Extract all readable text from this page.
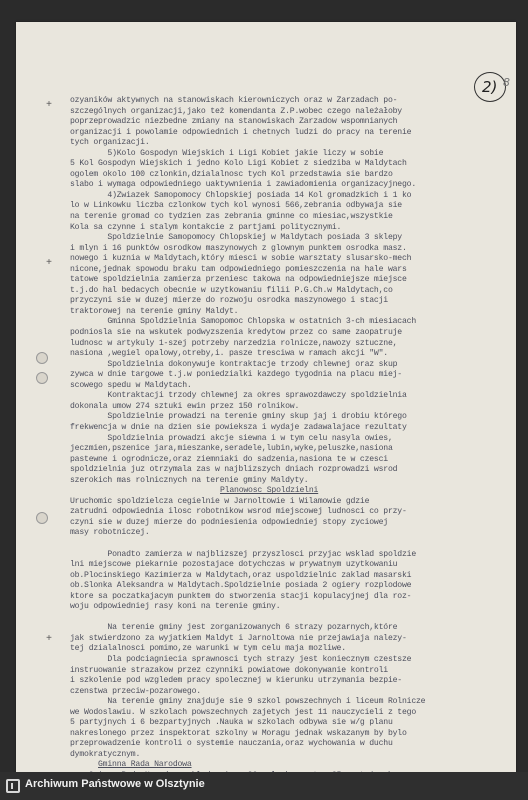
2) 8
+
+
+
ozyaników aktywnych na stanowiskach kierowniczych oraz w Zarzadach po-
szczególnych organizacji,jako też komendanta Z.P.wobec czego należałoby
poprzeprowadzic niezbedne zmiany na stanowiskach Zarzadow wspomnianych
organizacji i powolamie odpowiednich i chetnych ludzi do pracy na terenie
tych organizacji.
5)Kolo Gospodyn Wiejskich i Ligi Kobiet jakie liczy w sobie
5 Kol Gospodyn Wiejskich i jedno Kolo Ligi Kobiet z siedziba w Maldytach
ogolem okolo 100 czlonkin,dzialalnosc tych Kol przedstawia sie bardzo
slabo i wymaga odpowiedniego uaktywnienia i zawiadomienia organizacyjnego.
4)Zwiazek Samopomocy Chlopskiej posiada 14 Kol gromadzkich i 1 ko
lo w Linkowku liczba czlonkow tych kol wynosi 566,zebrania odbywaja sie
na terenie gromad co tydzien zas zebrania gminne co miesiac,wszystkie
Kola sa czynne i stalym kontakcie z partjami politycznymi.
Spoldzielnie Samopomocy Chlopskiej w Maldytach posiada 3 sklepy
i mlyn i 16 punktów osrodkow maszynowych z glownym punktem osrodka masz.
nowego i kuznia w Maldytach,który miesci w sobie warsztaty slusarsko-mech
nicone,jednak spowodu braku tam odpowiedniego pomieszczenia na hale wars
tatowe spoldzielnia zamierza przeniesc takowa na odpowiedniejsze miejsce
t.j.do hal bedacych obecnie w uzytkowaniu filii P.G.Ch.w Maldytach,co
przyczyni sie w duzej mierze do rozwoju osrodka maszynowego i stacji
traktorowej na terenie gminy Maldyt.
Gminna Spoldzielnia Samopomoc Chlopska w ostatnich 3-ch miesiacach
podniosla sie na wskutek podwyzszenia kredytow przez co same zaopatruje
ludnosc w artykuly 1-szej potrzeby narzedzia rolnicze,nawozy sztuczne,
nasiona ,wegiel opalowy,otreby,i. pasze tresciwa w ramach akcji "W".
Spoldzielnia dokonywuje kontraktacje trzody chlewnej oraz skup
zywca w dnie targowe t.j.w poniedzialki kazdego tygodnia na placu miej-
scowego spedu w Maldytach.
Kontraktacji trzody chlewnej za okres sprawozdawczy spoldzielnia
dokonala umow 274 sztuki ewin przez 150 rolnikow.
Spoldzielnie prowadzi na terenie gminy skup jaj i drobiu którego
frekwencja w dnie na dzien sie powieksza i wydaje zadawalajace rezultaty
Spoldzielnia prowadzi akcje siewna i w tym celu nasyla owies,
jeczmien,pszenice jara,mieszanke,seradele,lubin,wyke,peluszke,nasiona
pastewne i ogrodnicze,oraz ziemniaki do sadzenia,nasiona te w czesci
spoldzielnia juz otrzymala zas w najblizszych dniach rozprowadzi wsrod
szerokich mas rolnicznych na terenie gminy Maldyty.
Planowosc Spoldzielni
Uruchomic spoldzielcza cegielnie w Jarnoltowie i Wilamowie gdzie
zatrudni odpowiednia ilosc robotnikow wsrod miejscowej ludnosci co przy-
czyni sie w duzej mierze do podniesienia odpowiedniej stopy zyciowej
masy robotniczej.
Ponadto zamierza w najblizszej przyszlosci przyjac wsklad spoldzie
lni miejscowe piekarnie pozostajace dotychczas w prywatnym uzytkowaniu
ob.Plocinskiego Kazimierza w Maldytach,oraz uspoldzielnic zaklad masarski
ob.Slonka Aleksandra w Maldytach.Spoldzielnie posiada 2 ogiery rozplodowe
ktore sa poczatkajacym punktem do stworzenia stacji kopulacyjnej dla roz-
woju odpowiedniej rasy koni na terenie gminy.
Na terenie gminy jest zorganizowanych 6 strazy pozarnych,które
jak stwierdzono za wyjatkiem Maldyt i Jarnoltowa nie przejawiaja nalezy-
tej dzialalnosci pomimo,ze warunki w tym celu maja mozliwe.
Dla podciagniecia sprawnosci tych strazy jest koniecznym czestsze
instruowanie strazakow przez czynniki powiatowe dokonywanie kontroli
i szkolenie pod wzgledem pracy spolecznej w kierunku utrzymania bezpie-
czenstwa przeciw-pozarowego.
Na terenie gminy znajduje sie 9 szkol powszechnych i liceum Rolnicze
we Wodoslawiu. W szkolach powszechnych zajetych jest 11 nauczycieli z tego
5 partyjnych i 6 bezpartyjnych .Nauka w szkolach odbywa sie w/g planu
nakreslonego przez inspektorat szkolny w Moragu jednak wskazanym by bylo
przeprowadzenie kontroli o systemie nauczania,oraz wychowania w duchu
dymokratycznym.
Gminna Rada Narodowa
Archiwum Państwowe w Olsztynie
